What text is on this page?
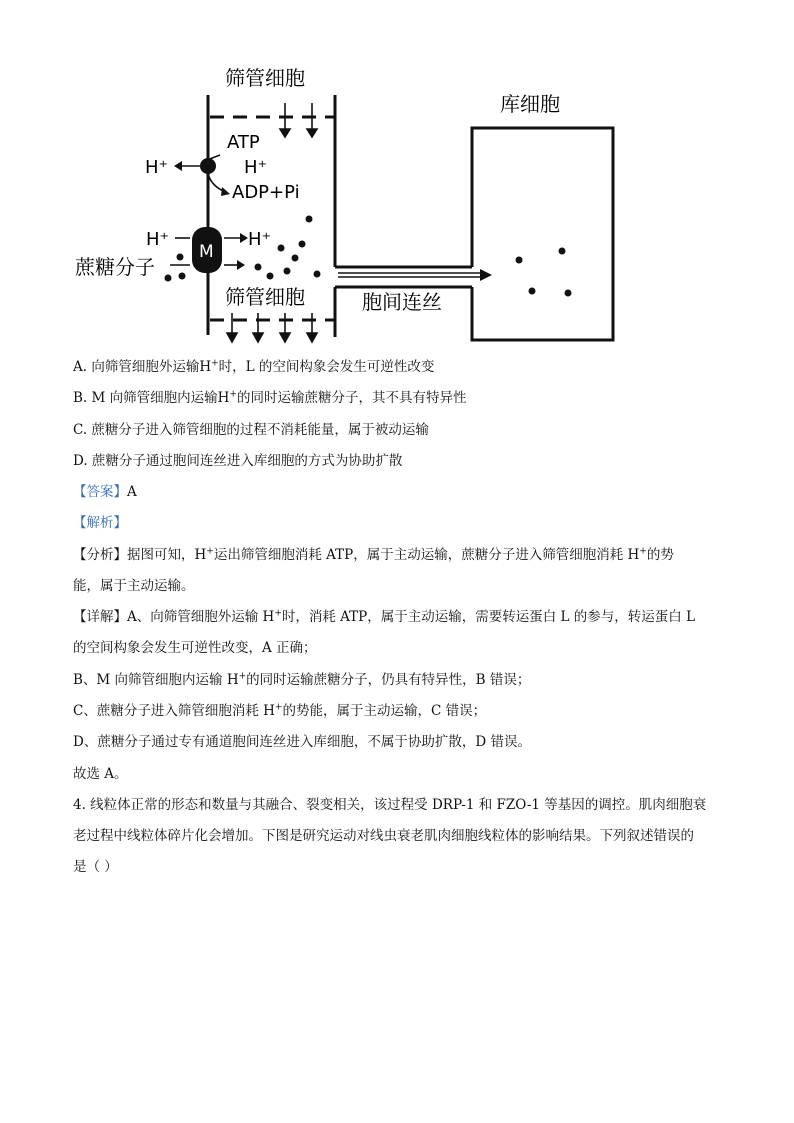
筛管细胞
ATP
H⁺	H⁺
ADP+Pi
M
H⁺	H⁺
蔗糖分子
筛管细胞	胞间连丝
库细胞
A. 向筛管细胞外运输H+时，L 的空间构象会发生可逆性改变
B. M 向筛管细胞内运输H+的同时运输蔗糖分子，其不具有特异性
C. 蔗糖分子进入筛管细胞的过程不消耗能量，属于被动运输
D. 蔗糖分子通过胞间连丝进入库细胞的方式为协助扩散
【答案】A
【解析】
【分析】据图可知，H+运出筛管细胞消耗 ATP，属于主动运输，蔗糖分子进入筛管细胞消耗 H+的势
能，属于主动运输。
【详解】A、向筛管细胞外运输 H+时，消耗 ATP，属于主动运输，需要转运蛋白 L 的参与，转运蛋白 L
的空间构象会发生可逆性改变，A 正确；
B、M 向筛管细胞内运输 H+的同时运输蔗糖分子，仍具有特异性，B 错误；
C、蔗糖分子进入筛管细胞消耗 H+的势能，属于主动运输，C 错误；
D、蔗糖分子通过专有通道胞间连丝进入库细胞，不属于协助扩散，D 错误。
故选 A。
4. 线粒体正常的形态和数量与其融合、裂变相关，该过程受 DRP-1 和 FZO-1 等基因的调控。肌肉细胞衰
老过程中线粒体碎片化会增加。下图是研究运动对线虫衰老肌肉细胞线粒体的影响结果。下列叙述错误的
是（ ）
